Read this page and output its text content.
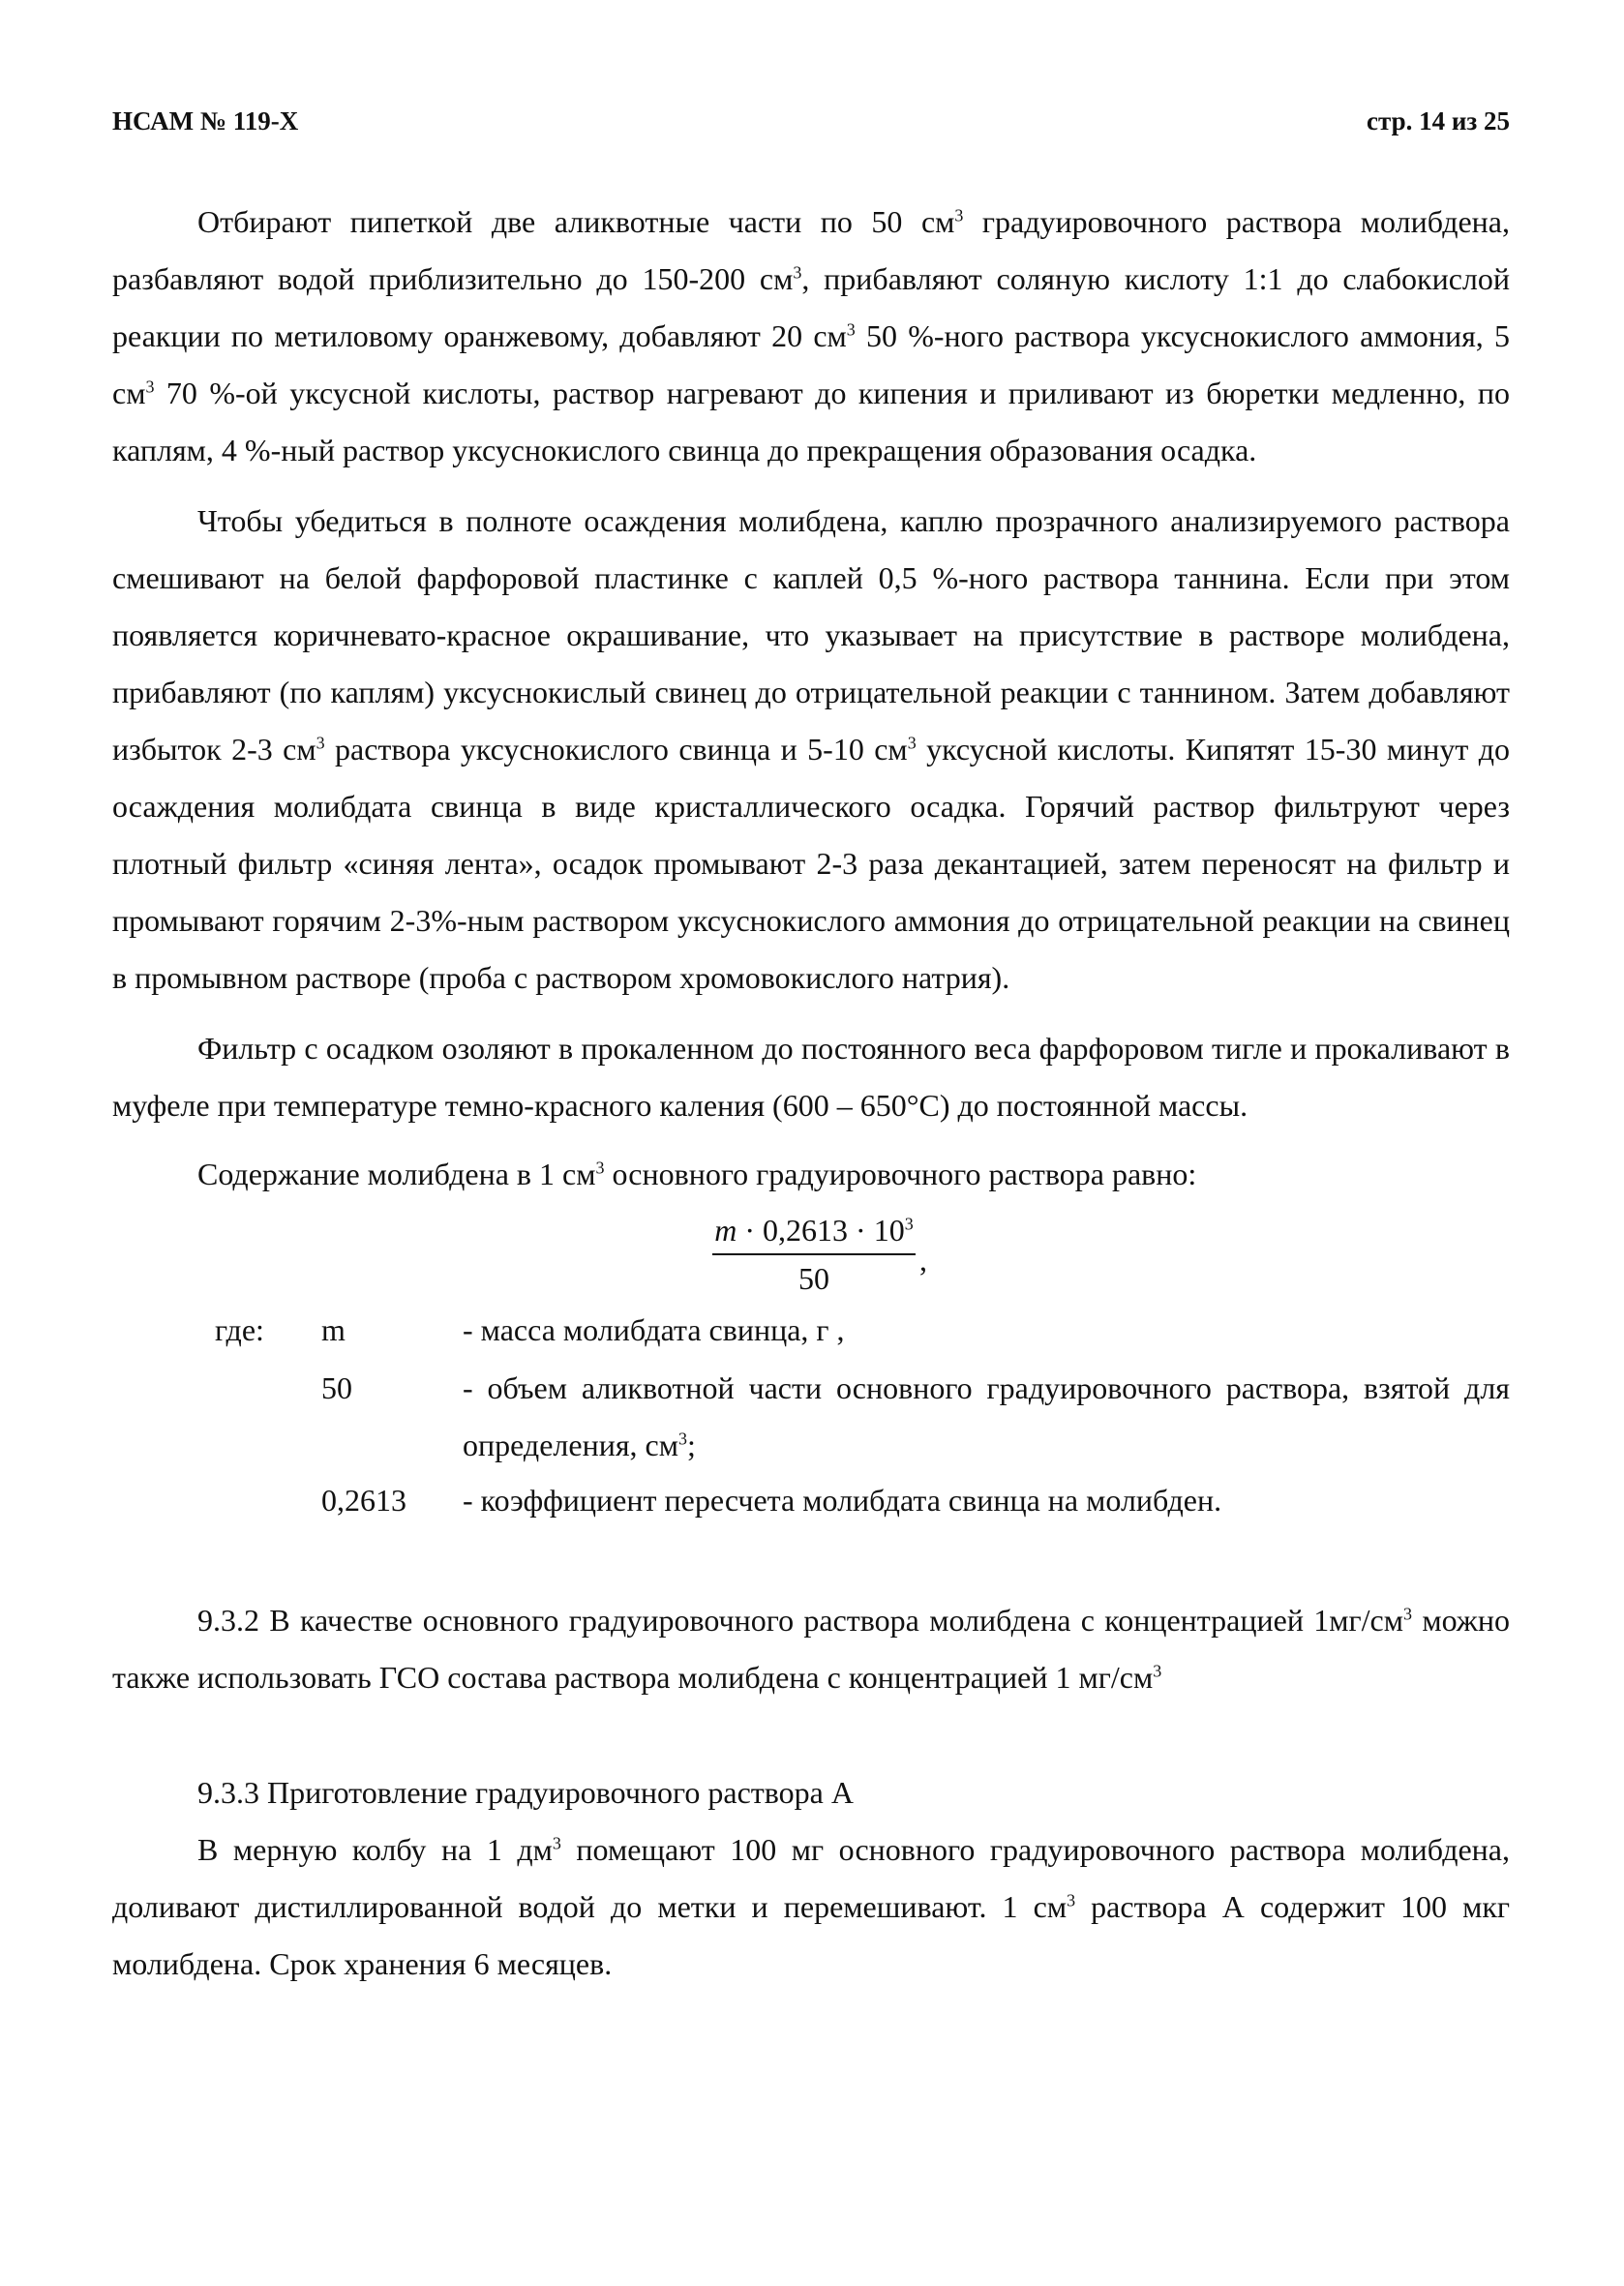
НСАМ № 119-Х	стр. 14 из 25

Отбирают пипеткой две аликвотные части по 50 $см^3$ градуировочного раствора молибдена, разбавляют водой приблизительно до 150-200 $см^3$, прибавляют соляную кислоту 1:1 до слабокислой реакции по метиловому оранжевому, добавляют 20 $см^3$ 50 %-ного раствора уксуснокислого аммония, 5 $см^3$ 70 %-ой уксусной кислоты, раствор нагревают до кипения и приливают из бюретки медленно, по каплям, 4 %-ный раствор уксуснокислого свинца до прекращения образования осадка.

Чтобы убедиться в полноте осаждения молибдена, каплю прозрачного анализируемого раствора смешивают на белой фарфоровой пластинке с каплей 0,5 %-ного раствора таннина. Если при этом появляется коричневато-красное окрашивание, что указывает на присутствие в растворе молибдена, прибавляют (по каплям) уксуснокислый свинец до отрицательной реакции с таннином. Затем добавляют избыток 2-3 $см^3$ раствора уксуснокислого свинца и 5-10 $см^3$ уксусной кислоты. Кипятят 15-30 минут до осаждения молибдата свинца в виде кристаллического осадка. Горячий раствор фильтруют через плотный фильтр «синяя лента», осадок промывают 2-3 раза декантацией, затем переносят на фильтр и промывают горячим 2-3%-ным раствором уксуснокислого аммония до отрицательной реакции на свинец в промывном растворе (проба с раствором хромовокислого натрия).

Фильтр с осадком озоляют в прокаленном до постоянного веса фарфоровом тигле и прокаливают в муфеле при температуре темно-красного каления (600 – 650°C) до постоянной массы.

Содержание молибдена в 1 $см^3$ основного градуировочного раствора равно:

$\frac{m \cdot 0,2613 \cdot 10^3}{50}$ ,
где: m	- масса молибдата свинца, г ,
50	- объем аликвотной части основного градуировочного раствора, взятой для определения, $см^3$;
0,2613 - коэффициент пересчета молибдата свинца на молибден.

9.3.2 В качестве основного градуировочного раствора молибдена с концентрацией $1мг/см^3$ можно также использовать ГСО состава раствора молибдена с концентрацией 1 $мг/см^3$

9.3.3 Приготовление градуировочного раствора А

В мерную колбу на 1 $дм^3$ помещают 100 мг основного градуировочного раствора молибдена, доливают дистиллированной водой до метки и перемешивают. 1 $см^3$ раствора А содержит 100 мкг молибдена. Срок хранения 6 месяцев.
